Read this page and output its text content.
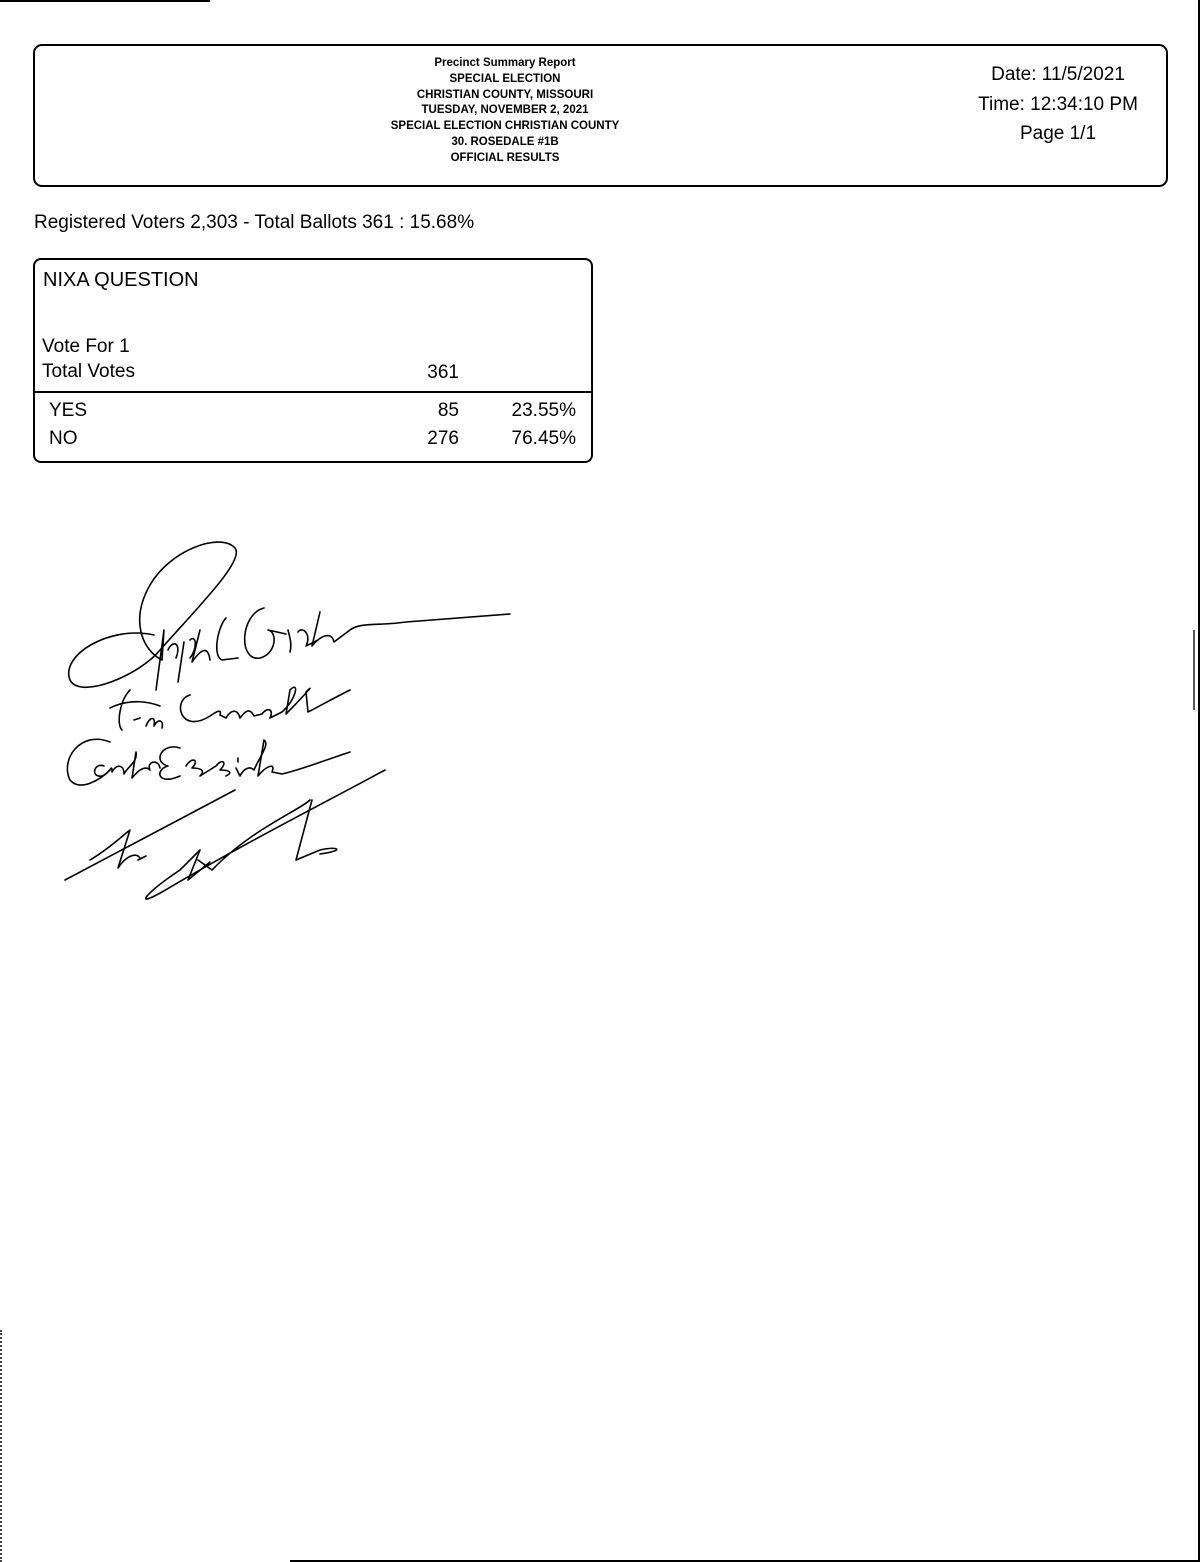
Precinct Summary Report
SPECIAL ELECTION
CHRISTIAN COUNTY, MISSOURI
TUESDAY, NOVEMBER 2, 2021
SPECIAL ELECTION CHRISTIAN COUNTY
30. ROSEDALE #1B
OFFICIAL RESULTS
Date: 11/5/2021
Time: 12:34:10 PM
Page 1/1
Registered Voters 2,303 - Total Ballots 361 : 15.68%
NIXA QUESTION
Vote For 1
Total Votes	361
YES	85	23.55%
NO	276	76.45%
